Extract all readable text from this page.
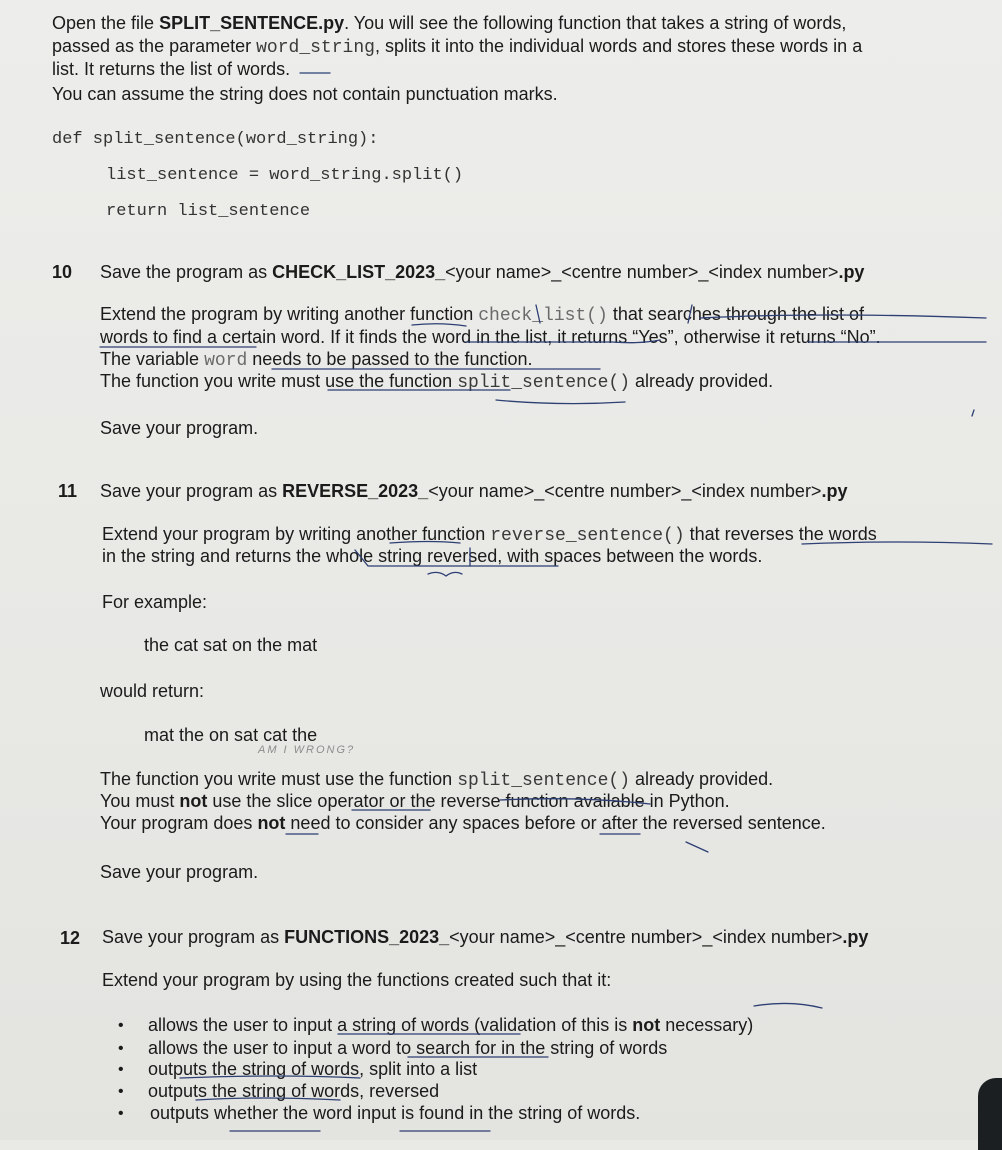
Open the file SPLIT_SENTENCE.py. You will see the following function that takes a string of words,
passed as the parameter word_string, splits it into the individual words and stores these words in a
list. It returns the list of words.
You can assume the string does not contain punctuation marks.
def split_sentence(word_string):
list_sentence = word_string.split()
return list_sentence
10 Save the program as CHECK_LIST_2023_<your name>_<centre number>_<index number>.py
Extend the program by writing another function check_list() that searches through the list of
words to find a certain word. If it finds the word in the list, it returns “Yes”, otherwise it returns “No”.
The variable word needs to be passed to the function.
The function you write must use the function split_sentence() already provided.
Save your program.
11 Save your program as REVERSE_2023_<your name>_<centre number>_<index number>.py
Extend your program by writing another function reverse_sentence() that reverses the words
in the string and returns the whole string reversed, with spaces between the words.
For example:
the cat sat on the mat
would return:
mat the on sat cat the
AM I WRONG?
The function you write must use the function split_sentence() already provided.
You must not use the slice operator or the reverse function available in Python.
Your program does not need to consider any spaces before or after the reversed sentence.
Save your program.
12 Save your program as FUNCTIONS_2023_<your name>_<centre number>_<index number>.py
Extend your program by using the functions created such that it:
• allows the user to input a string of words (validation of this is not necessary)
• allows the user to input a word to search for in the string of words
• outputs the string of words, split into a list
• outputs the string of words, reversed
• outputs whether the word input is found in the string of words.
